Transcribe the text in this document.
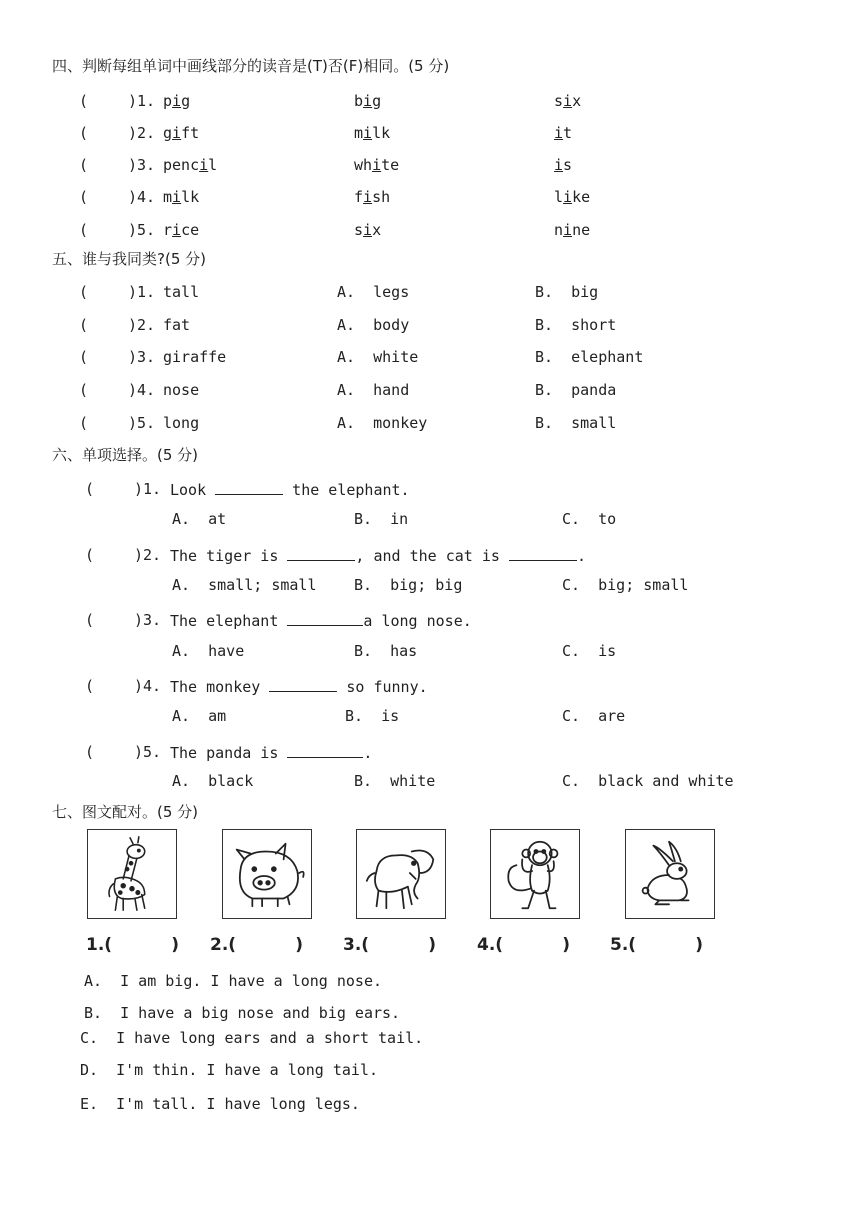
四、判断每组单词中画线部分的读音是(T)否(F)相同。(5 分)
(	)1. pig	big	six
(	)2. gift	milk	it
(	)3. pencil	white	is
(	)4. milk	fish	like
(	)5. rice	six	nine
五、谁与我同类?(5 分)
(	)1. tall	A.  legs	B.  big
(	)2. fat	A.  body	B.  short
(	)3. giraffe	A.  white	B.  elephant
(	)4. nose	A.  hand	B.  panda
(	)5. long	A.  monkey	B.  small
六、单项选择。(5 分)
(	)1. Look	the elephant.
A.  at	B.  in	C.  to
(	)2. The tiger is	, and the cat is	.
A.  small; small	B.  big; big	C.  big; small
(	)3. The elephant	a long nose.
A.  have	B.  has	C.  is
(	)4. The monkey	so funny.
A.  am	B.  is	C.  are
(	)5. The panda is	.
A.  black	B.  white	C.  black and white
七、图文配对。(5 分)
1.(	) 2.(	) 3.(	) 4.(	) 5.(	)
A.  I am big. I have a long nose.
B.  I have a big nose and big ears.
C.  I have long ears and a short tail.
D.  I'm thin. I have a long tail.
E.  I'm tall. I have long legs.
